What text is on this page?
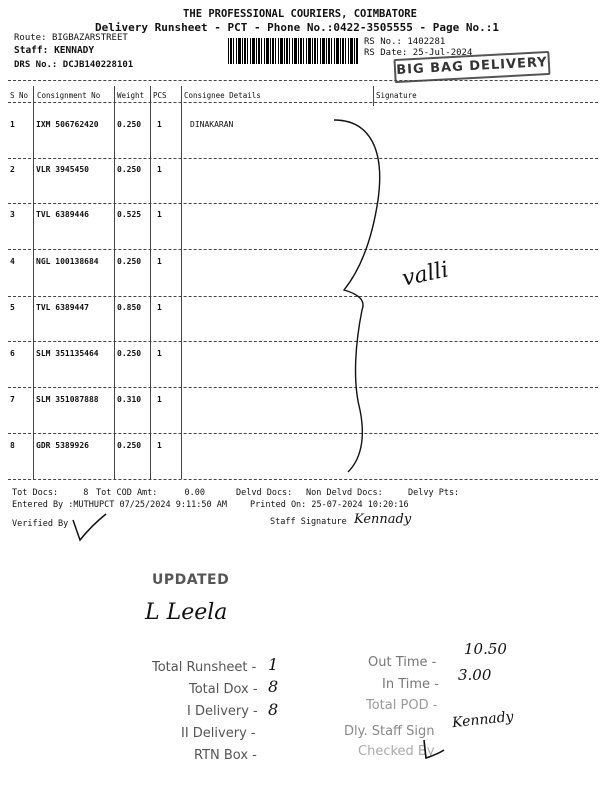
THE PROFESSIONAL COURIERS, COIMBATORE
Delivery Runsheet - PCT - Phone No.:0422-3505555 - Page No.:1
Route: BIGBAZARSTREET
Staff: KENNADY
DRS No.: DCJB140228101
RS No.: 1402281
RS Date: 25-Jul-2024
BIG BAG DELIVERY
S No Consignment No Weight PCS Consignee Details	Signature
1	IXM 506762420 0.250 1	DINAKARAN
2	VLR 3945450	0.250 1
3	TVL 6389446	0.525 1
4	NGL 100138684 0.250 1
5	TVL 6389447	0.850 1
6	SLM 351135464 0.250 1
7	SLM 351087888 0.310 1
8	GDR 5389926	0.250 1
valli
Tot Docs:	8 Tot COD Amt:	0.00	Delvd Docs: Non Delvd Docs:	Delvy Pts:
Entered By :MUTHUPCT 07/25/2024 9:11:50 AM	Printed On: 25-07-2024 10:20:16
Verified By	Staff Signature Kennady
UPDATED
L Leela
Total Runsheet - 1
Total Dox - 8
I Delivery - 8
II Delivery -
RTN Box -
Out Time -
10.50
In Time -
3.00
Total POD -
Dly. Staff Sign
Kennady
Checked By
